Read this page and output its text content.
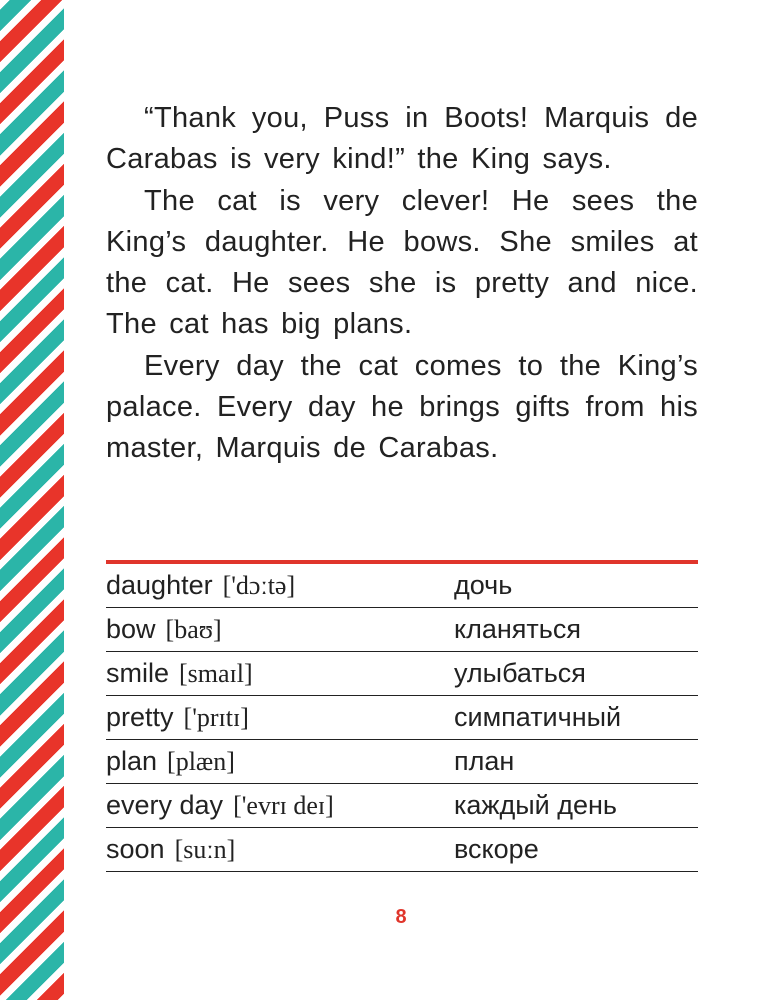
“Thank you, Puss in Boots! Marquis de Carabas is very kind!” the King says.

The cat is very clever! He sees the King’s daughter. He bows. She smiles at the cat. He sees she is pretty and nice. The cat has big plans.

Every day the cat comes to the King’s palace. Every day he brings gifts from his master, Marquis de Carabas.

daughter ['dɔːtə]	дочь
bow [baʊ]	кланяться
smile [smaɪl]	улыбаться
pretty ['prɪtɪ]	симпатичный
plan [plæn]	план
every day ['evrɪ deɪ]	каждый день
soon [suːn]	вскоре
8
